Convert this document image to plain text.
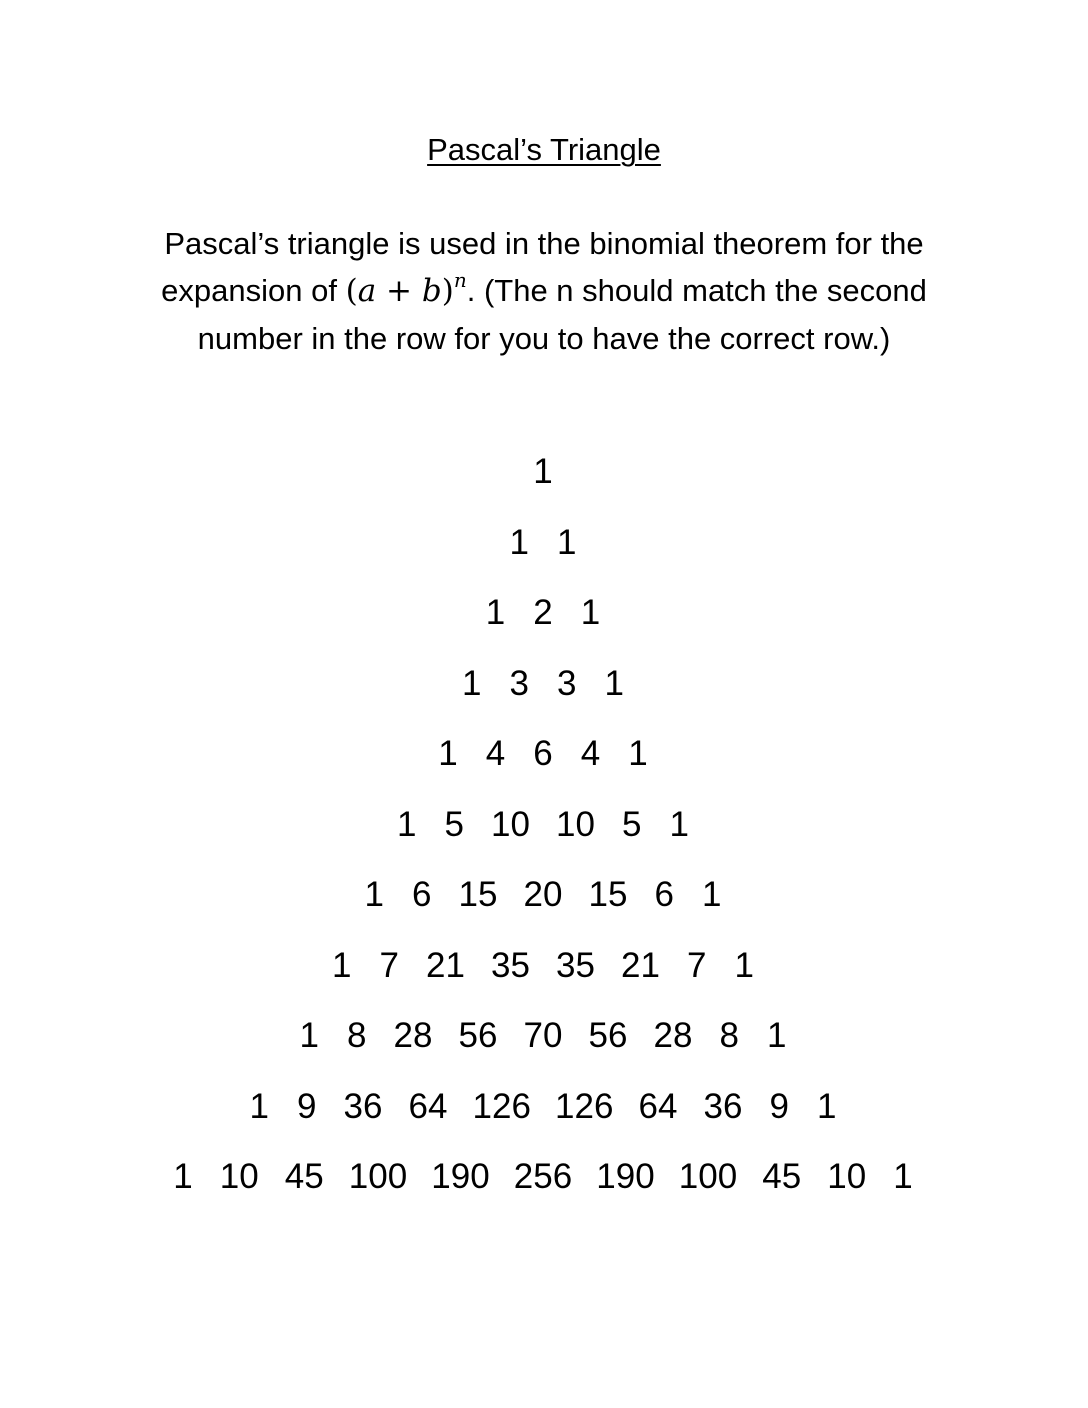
Pascal’s Triangle
Pascal’s triangle is used in the binomial theorem for the expansion of $(a + b)^n$. (The n should match the second number in the row for you to have the correct row.)
1
1 1
1 2 1
1 3 3 1
1 4 6 4 1
1 5 10 10 5 1
1 6 15 20 15 6 1
1 7 21 35 35 21 7 1
1 8 28 56 70 56 28 8 1
1 9 36 64 126 126 64 36 9 1
1 10 45 100 190 256 190 100 45 10 1
